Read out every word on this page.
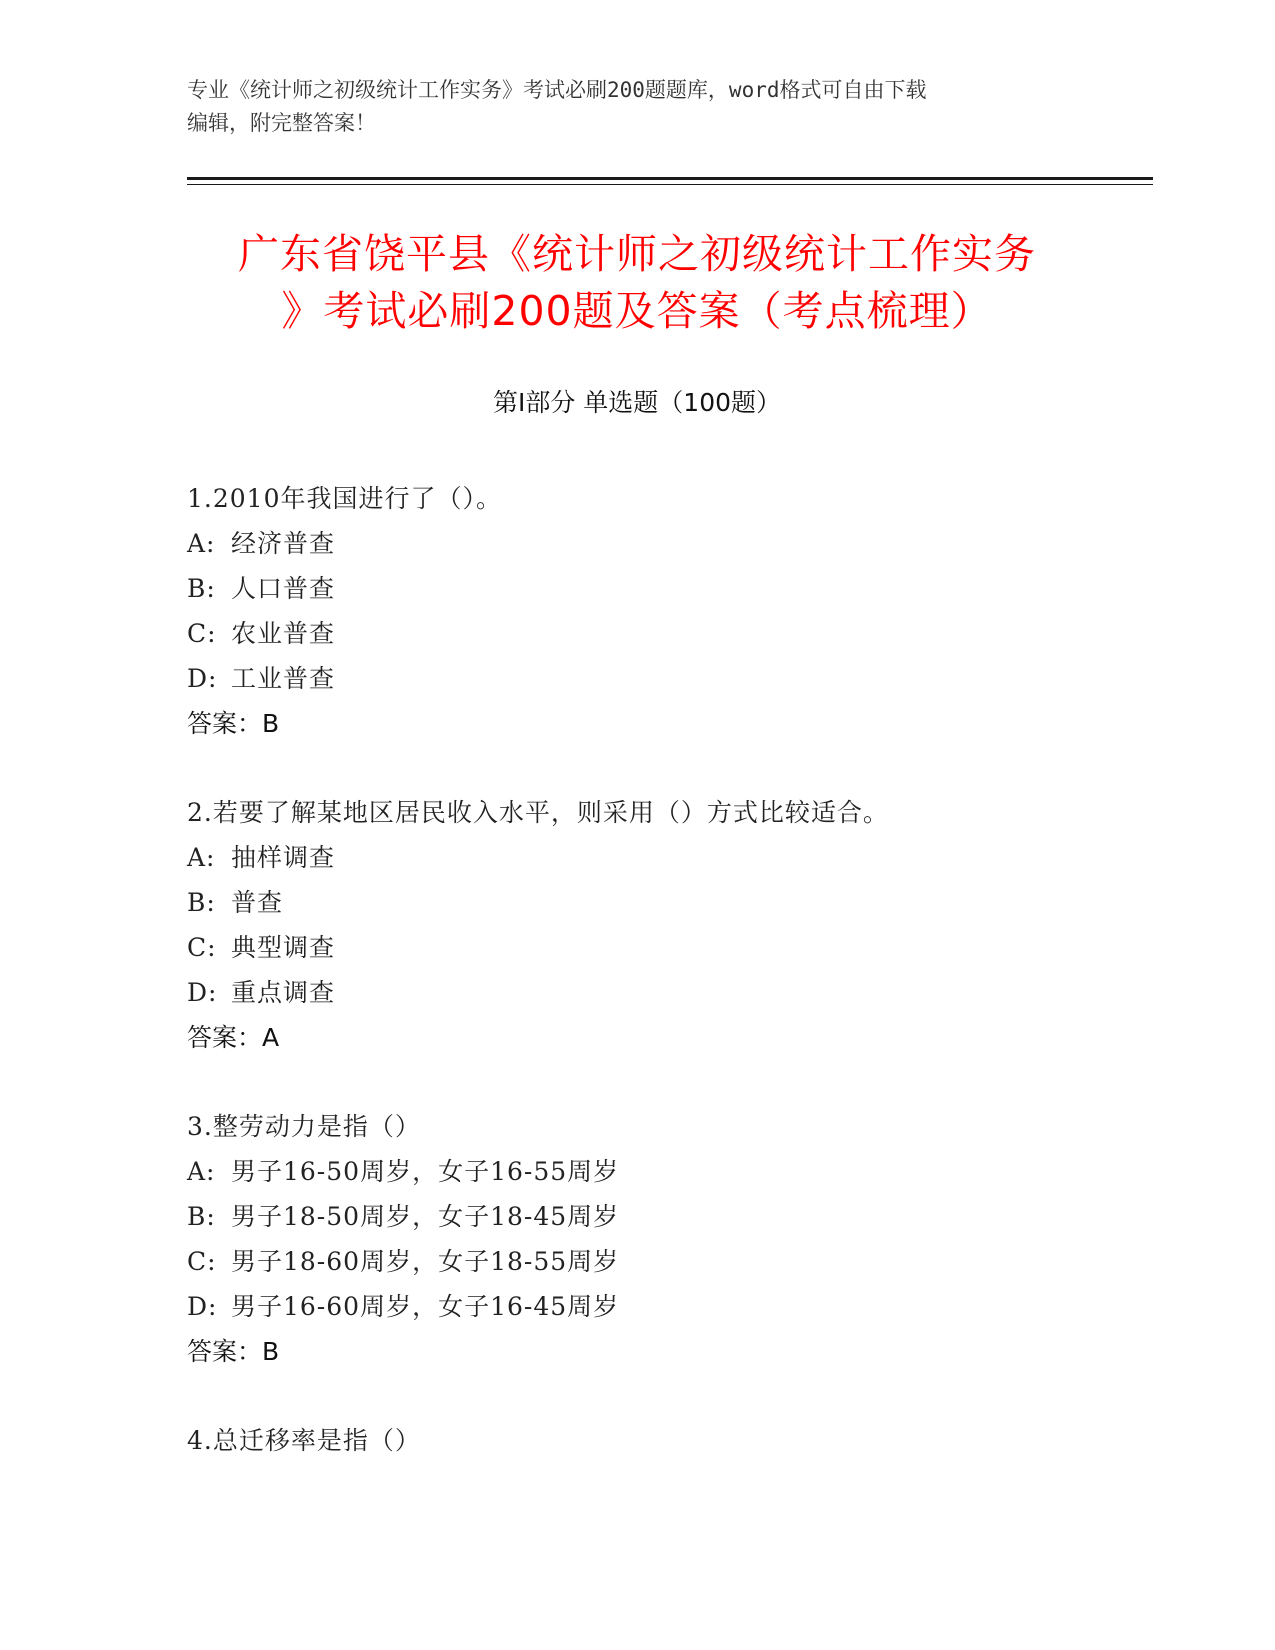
专业《统计师之初级统计工作实务》考试必刷200题题库，word格式可自由下载
编辑，附完整答案！
广东省饶平县《统计师之初级统计工作实务
》考试必刷200题及答案（考点梳理）
第Ⅰ部分 单选题（100题）
1.2010年我国进行了（）。
A: 经济普查
B: 人口普查
C: 农业普查
D: 工业普查
答案：B
2.若要了解某地区居民收入水平，则采用（）方式比较适合。
A: 抽样调查
B: 普查
C: 典型调查
D: 重点调查
答案：A
3.整劳动力是指（）
A: 男子16-50周岁，女子16-55周岁
B: 男子18-50周岁，女子18-45周岁
C: 男子18-60周岁，女子18-55周岁
D: 男子16-60周岁，女子16-45周岁
答案：B
4.总迁移率是指（）
